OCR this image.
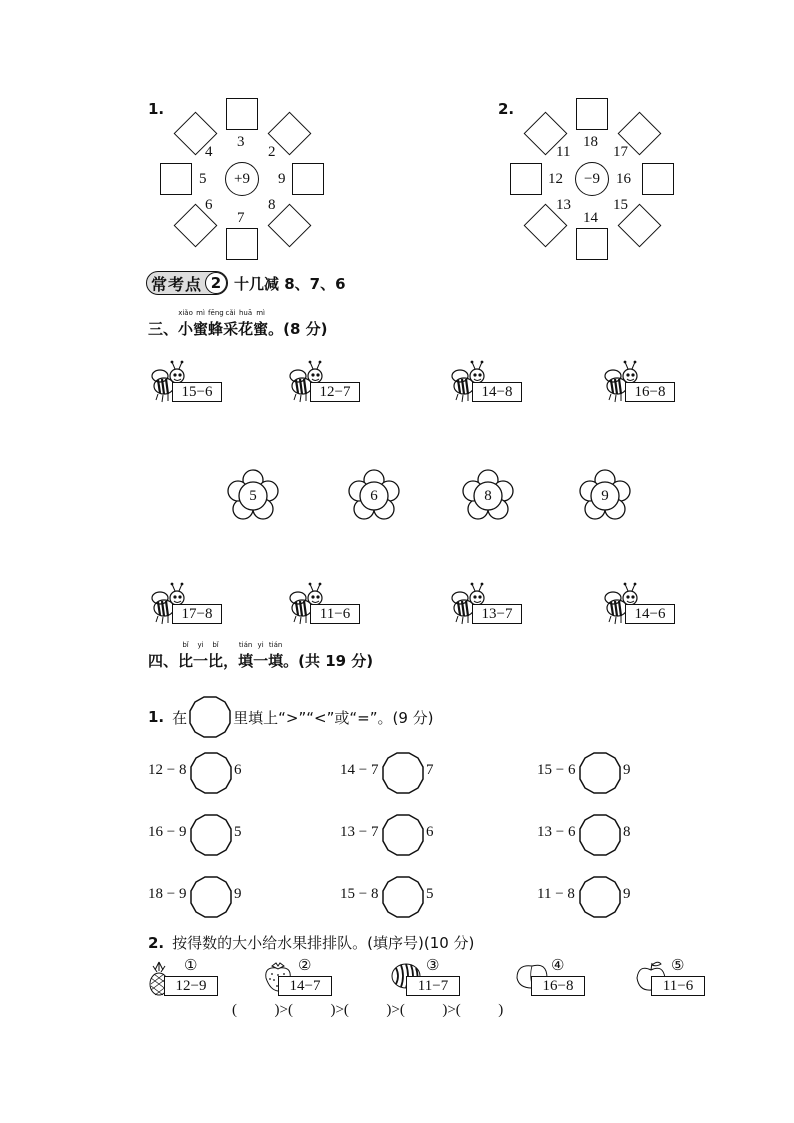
1.
+9
3
2
9
8
7
6
5
4
2.
−9
18
17
16
15
14
13
12
11
常考点 2 十几减 8、7、6
三、
xiǎo
小
mì
蜜
fēng
蜂
cǎi
采
huā
花
mì
蜜。(8 分)
15−6	12−7	14−8	16−8
5	6	8	9
17−8	11−6	13−7	14−6
四、
bǐ
比
yi
一
bǐ
比，
tián
填
yi
一
tián
填。(共 19 分)
1. 在	里填上“>”“<”或“=”。(9 分)
12 − 8	6	14 − 7	7	15 − 6	9
16 − 9	5	13 − 7	6	13 − 6	8
18 − 9	9	15 − 8	5	11 − 8	9
2. 按得数的大小给水果排排队。(填序号)(10 分)
①
12−9
②
14−7
③
11−7
④
16−8
⑤
11−6
(          )>(          )>(          )>(          )>(          )
